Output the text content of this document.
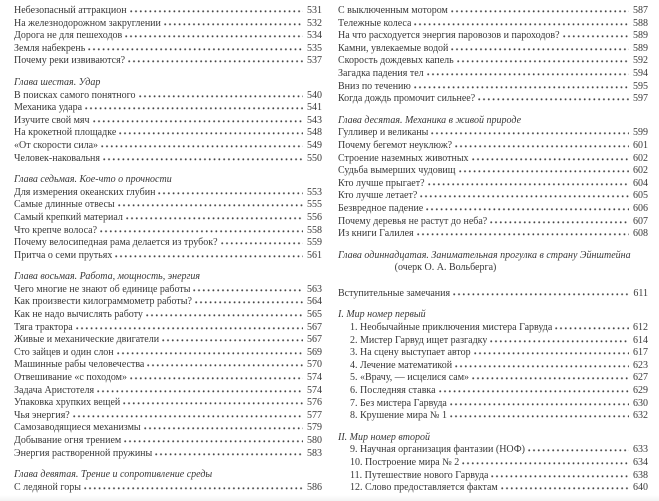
Небезопасный аттракцион	531
На железнодорожном закруглении	532
Дорога не для пешеходов	534
Земля набекрень	535
Почему реки извиваются?	537
Глава шестая. Удар
В поисках самого понятного	540
Механика удара	541
Изучите свой мяч	543
На крокетной площадке	548
«От скорости сила»	549
Человек-наковальня	550
Глава седьмая. Кое-что о прочности
Для измерения океанских глубин	553
Самые длинные отвесы	555
Самый крепкий материал	556
Что крепче волоса?	558
Почему велосипедная рама делается из трубок?	559
Притча о семи прутьях	561
Глава восьмая. Работа, мощность, энергия
Чего многие не знают об единице работы	563
Как произвести килограммометр работы?	564
Как не надо вычислять работу	565
Тяга трактора	567
Живые и механические двигатели	567
Сто зайцев и один слон	569
Машинные рабы человечества	570
Отвешивание «с походом»	574
Задача Аристотеля	574
Упаковка хрупких вещей	576
Чья энергия?	577
Самозаводящиеся механизмы	579
Добывание огня трением	580
Энергия растворенной пружины	583
Глава девятая. Трение и сопротивление среды
С ледяной горы	586
С выключенным мотором	587
Тележные колеса	588
На что расходуется энергия паровозов и пароходов?	589
Камни, увлекаемые водой	589
Скорость дождевых капель	592
Загадка падения тел	594
Вниз по течению	595
Когда дождь промочит сильнее?	597
Глава десятая. Механика в живой природе
Гулливер и великаны	599
Почему бегемот неуклюж?	601
Строение наземных животных	602
Судьба вымерших чудовищ	602
Кто лучше прыгает?	604
Кто лучше летает?	605
Безвредное падение	606
Почему деревья не растут до неба?	607
Из книги Галилея	608
Глава одиннадцатая. Занимательная прогулка в страну Эйнштейна
(очерк О. А. Вольберга)
Вступительные замечания	611
I. Мир номер первый
1. Необычайные приключения мистера Гарвуда	612
2. Мистер Гарвуд ищет разгадку	614
3. На сцену выступает автор	617
4. Лечение математикой	623
5. «Врачу, — исцелися сам»	627
6. Последняя ставка	629
7. Без мистера Гарвуда	630
8. Крушение мира № 1	632
II. Мир номер второй
9. Научная организация фантазии (НОФ)	633
10. Построение мира № 2	634
11. Путешествие нового Гарвуда	638
12. Слово предоставляется фактам	640
